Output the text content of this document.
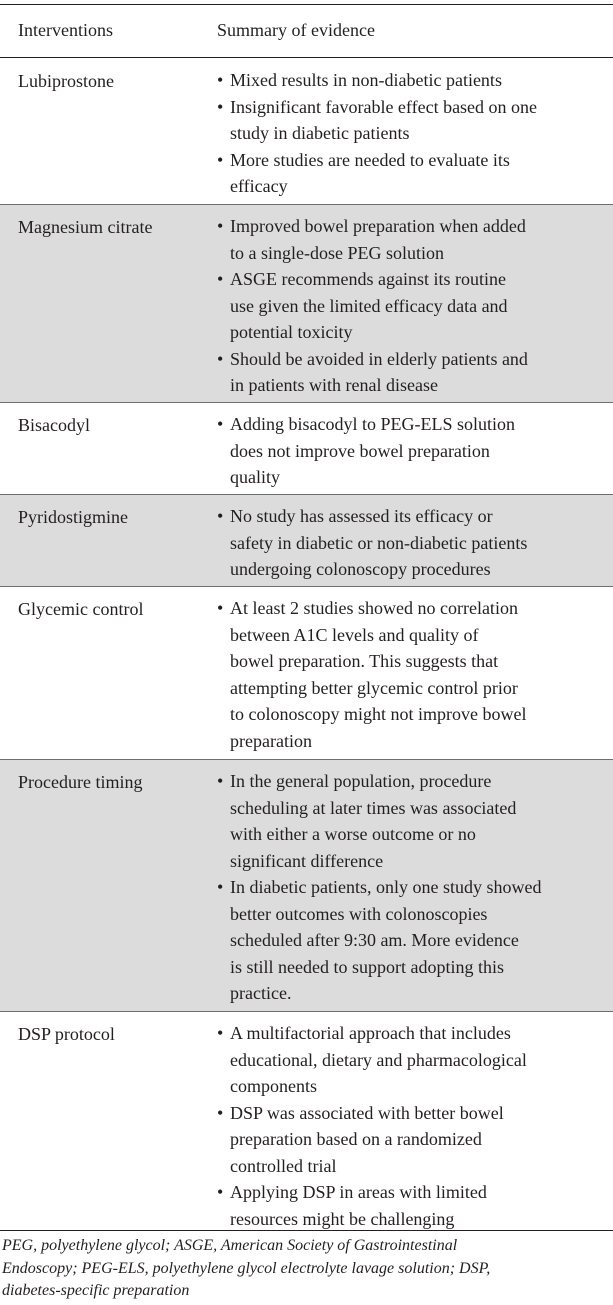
Interventions	Summary of evidence
Lubiprostone	• Mixed results in non-diabetic patients
• Insignificant favorable effect based on one
study in diabetic patients
• More studies are needed to evaluate its
efficacy
Magnesium citrate	• Improved bowel preparation when added
to a single-dose PEG solution
• ASGE recommends against its routine
use given the limited efficacy data and
potential toxicity
• Should be avoided in elderly patients and
in patients with renal disease
Bisacodyl	• Adding bisacodyl to PEG-ELS solution
does not improve bowel preparation
quality
Pyridostigmine	• No study has assessed its efficacy or
safety in diabetic or non-diabetic patients
undergoing colonoscopy procedures
Glycemic control	• At least 2 studies showed no correlation
between A1C levels and quality of
bowel preparation. This suggests that
attempting better glycemic control prior
to colonoscopy might not improve bowel
preparation
Procedure timing	• In the general population, procedure
scheduling at later times was associated
with either a worse outcome or no
significant difference
• In diabetic patients, only one study showed
better outcomes with colonoscopies
scheduled after 9:30 am. More evidence
is still needed to support adopting this
practice.
DSP protocol	• A multifactorial approach that includes
educational, dietary and pharmacological
components
• DSP was associated with better bowel
preparation based on a randomized
controlled trial
• Applying DSP in areas with limited
resources might be challenging
PEG, polyethylene glycol; ASGE, American Society of Gastrointestinal
Endoscopy; PEG-ELS, polyethylene glycol electrolyte lavage solution; DSP,
diabetes-specific preparation
